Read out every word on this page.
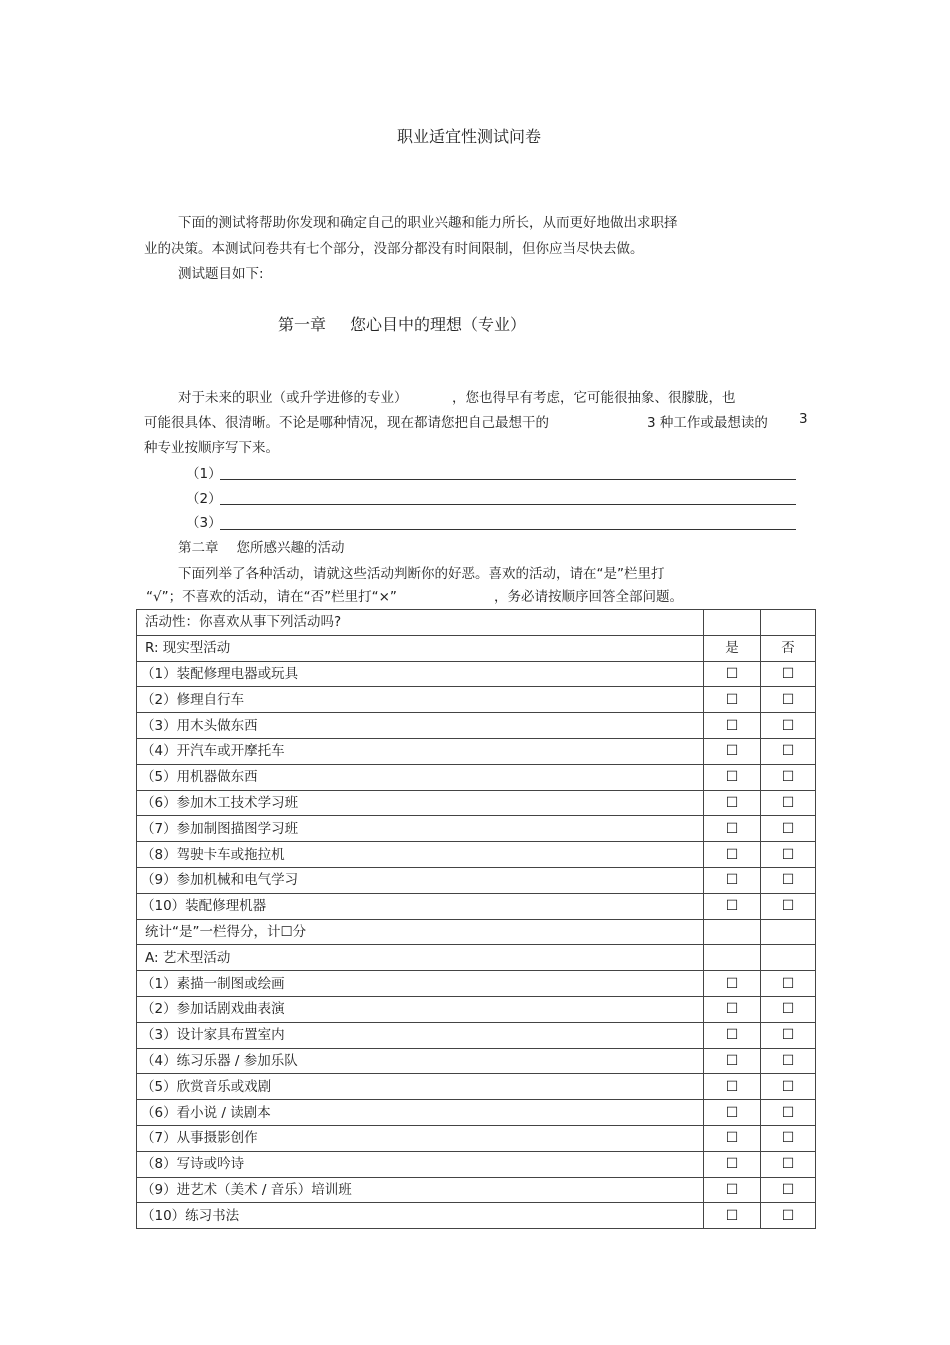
职业适宜性测试问卷
下面的测试将帮助你发现和确定自己的职业兴趣和能力所长，从而更好地做出求职择
业的决策。本测试问卷共有七个部分，没部分都没有时间限制，但你应当尽快去做。
测试题目如下:
第一章 您心目中的理想（专业）
对于未来的职业（或升学进修的专业）	，您也得早有考虑，它可能很抽象、很朦胧，也
可能很具体、很清晰。不论是哪种情况，现在都请您把自己最想干的	3 种工作或最想读的 3
种专业按顺序写下来。
（1）
（2）
（3）
第二章 您所感兴趣的活动
下面列举了各种活动，请就这些活动判断你的好恶。喜欢的活动，请在“是”栏里打
“√”；不喜欢的活动，请在“否”栏里打“×”	，务必请按顺序回答全部问题。
活动性：你喜欢从事下列活动吗?		
R: 现实型活动	是	否
（1）装配修理电器或玩具	☐	☐
（2）修理自行车	☐	☐
（3）用木头做东西	☐	☐
（4）开汽车或开摩托车	☐	☐
（5）用机器做东西	☐	☐
（6）参加木工技术学习班	☐	☐
（7）参加制图描图学习班	☐	☐
（8）驾驶卡车或拖拉机	☐	☐
（9）参加机械和电气学习	☐	☐
（10）装配修理机器	☐	☐
统计“是”一栏得分，计☐分		
A: 艺术型活动		
（1）素描一制图或绘画	☐	☐
（2）参加话剧戏曲表演	☐	☐
（3）设计家具布置室内	☐	☐
（4）练习乐器 / 参加乐队	☐	☐
（5）欣赏音乐或戏剧	☐	☐
（6）看小说 / 读剧本	☐	☐
（7）从事摄影创作	☐	☐
（8）写诗或吟诗	☐	☐
（9）进艺术（美术 / 音乐）培训班	☐	☐
（10）练习书法	☐	☐
